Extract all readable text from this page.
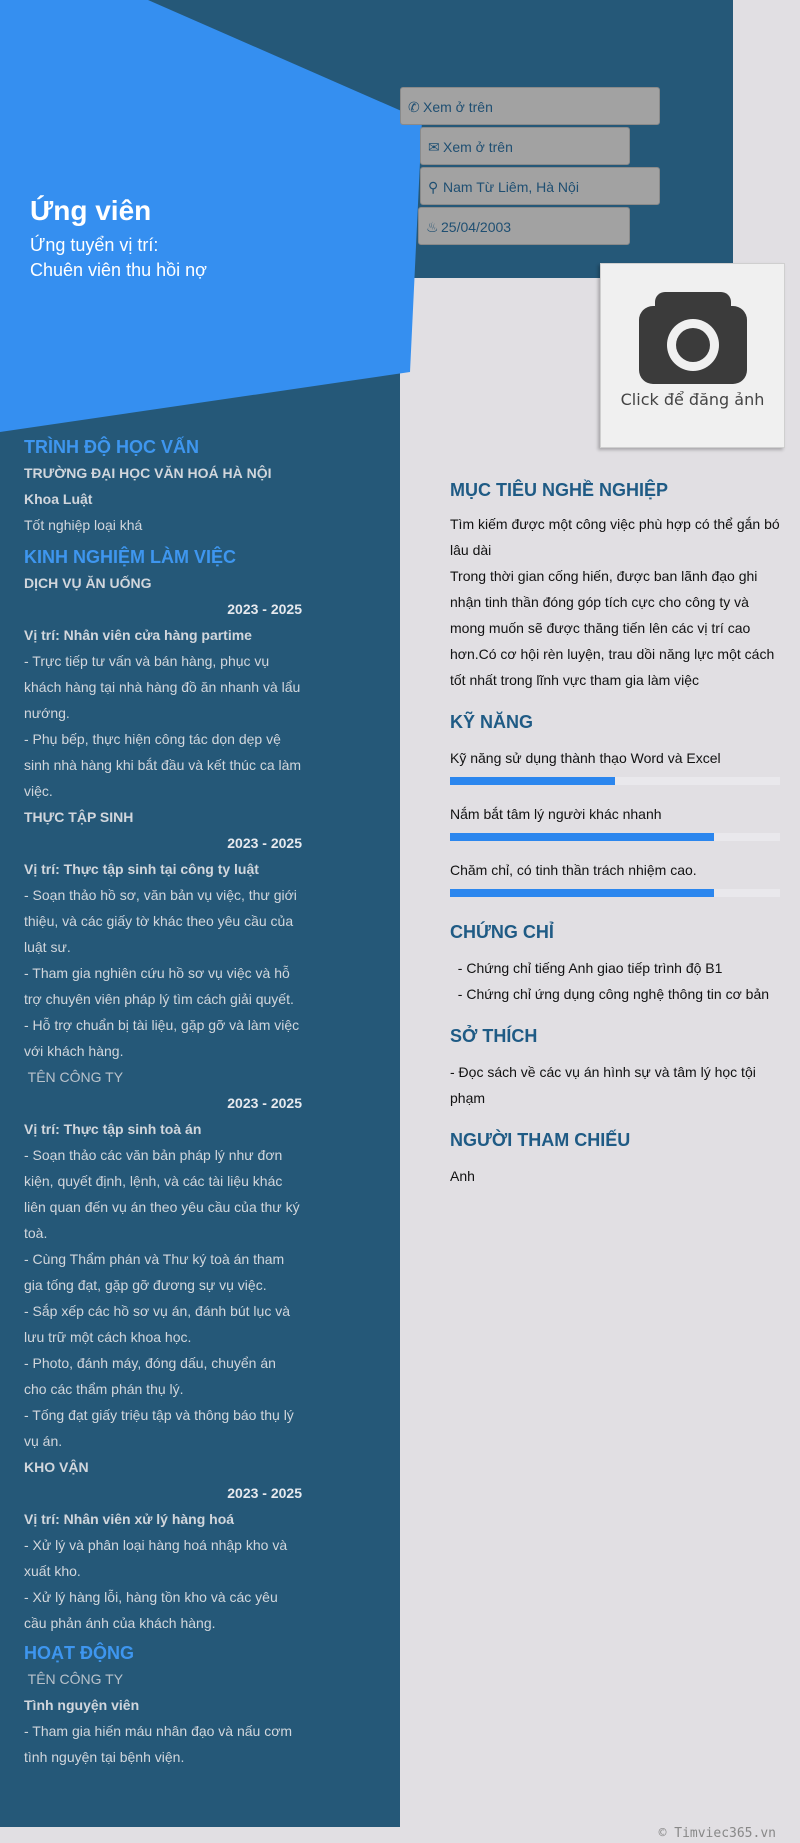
Ứng viên
Ứng tuyển vị trí:
Chuên viên thu hồi nợ
✆ Xem ở trên
✉ Xem ở trên
⚲ Nam Từ Liêm, Hà Nội
♨ 25/04/2003
Click để đăng ảnh
TRÌNH ĐỘ HỌC VẤN
TRƯỜNG ĐẠI HỌC VĂN HOÁ HÀ NỘI
Khoa Luật
Tốt nghiệp loại khá
KINH NGHIỆM LÀM VIỆC
DỊCH VỤ ĂN UỐNG
2023 - 2025
Vị trí: Nhân viên cửa hàng partime
- Trực tiếp tư vấn và bán hàng, phục vụ khách hàng tại nhà hàng đồ ăn nhanh và lẩu nướng.
- Phụ bếp, thực hiện công tác dọn dẹp vệ sinh nhà hàng khi bắt đầu và kết thúc ca làm việc.
THỰC TẬP SINH
2023 - 2025
Vị trí: Thực tập sinh tại công ty luật
- Soạn thảo hồ sơ, văn bản vụ việc, thư giới thiệu, và các giấy tờ khác theo yêu cầu của luật sư.
- Tham gia nghiên cứu hồ sơ vụ việc và hỗ trợ chuyên viên pháp lý tìm cách giải quyết.
- Hỗ trợ chuẩn bị tài liệu, gặp gỡ và làm việc với khách hàng.
TÊN CÔNG TY
2023 - 2025
Vị trí: Thực tập sinh toà án
- Soạn thảo các văn bản pháp lý như đơn kiện, quyết định, lệnh, và các tài liệu khác liên quan đến vụ án theo yêu cầu của thư ký toà.
- Cùng Thẩm phán và Thư ký toà án tham gia tống đạt, gặp gỡ đương sự vụ việc.
- Sắp xếp các hồ sơ vụ án, đánh bút lục và lưu trữ một cách khoa học.
- Photo, đánh máy, đóng dấu, chuyển án cho các thẩm phán thụ lý.
- Tống đạt giấy triệu tập và thông báo thụ lý vụ án.
KHO VẬN
2023 - 2025
Vị trí: Nhân viên xử lý hàng hoá
- Xử lý và phân loại hàng hoá nhập kho và xuất kho.
- Xử lý hàng lỗi, hàng tồn kho và các yêu cầu phản ánh của khách hàng.
HOẠT ĐỘNG
TÊN CÔNG TY
Tình nguyện viên
- Tham gia hiến máu nhân đạo và nấu cơm tình nguyện tại bệnh viện.
MỤC TIÊU NGHỀ NGHIỆP
Tìm kiếm được một công việc phù hợp có thể gắn bó lâu dài
Trong thời gian cống hiến, được ban lãnh đạo ghi nhận tinh thần đóng góp tích cực cho công ty và mong muốn sẽ được thăng tiến lên các vị trí cao hơn.Có cơ hội rèn luyện, trau dồi năng lực một cách tốt nhất trong lĩnh vực tham gia làm việc
KỸ NĂNG
Kỹ năng sử dụng thành thạo Word và Excel
Nắm bắt tâm lý người khác nhanh
Chăm chỉ, có tinh thần trách nhiệm cao.
CHỨNG CHỈ
- Chứng chỉ tiếng Anh giao tiếp trình độ B1
- Chứng chỉ ứng dụng công nghệ thông tin cơ bản
SỞ THÍCH
- Đọc sách về các vụ án hình sự và tâm lý học tội phạm
NGƯỜI THAM CHIẾU
Anh
© Timviec365.vn
